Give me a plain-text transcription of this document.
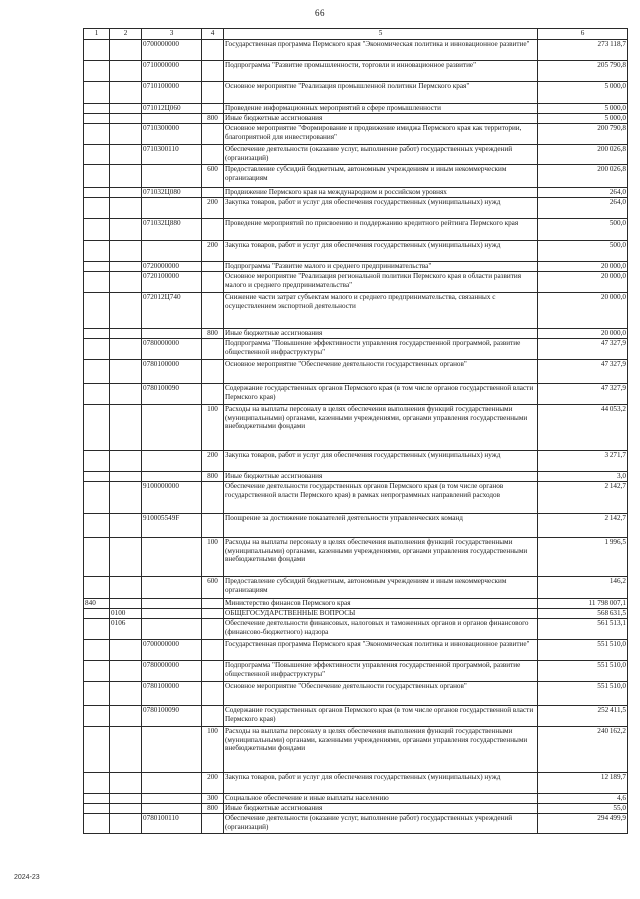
66
1	2	3	4	5	6
		0700000000		Государственная программа Пермского края "Экономическая политика и инновационное развитие"	273 118,7
		0710000000		Подпрограмма "Развитие промышленности, торговли и инновационное развитие"	205 790,8
		0710100000		Основное мероприятие "Реализация промышленной политики Пермского края"	5 000,0
		071012Ц060		Проведение информационных мероприятий в сфере промышленности	5 000,0
			800	Иные бюджетные ассигнования	5 000,0
		0710300000		Основное мероприятие "Формирование и продвижение имиджа Пермского края как территории, благоприятной для инвестирования"	200 790,8
		0710300110		Обеспечение деятельности (оказание услуг, выполнение работ) государственных учреждений (организаций)	200 026,8
			600	Предоставление субсидий бюджетным, автономным учреждениям и иным некоммерческим организациям	200 026,8
		071032Ц080		Продвижение Пермского края на международном и российском уровнях	264,0
			200	Закупка товаров, работ и услуг для обеспечения государственных (муниципальных) нужд	264,0
		071032Ц880		Проведение мероприятий по присвоению и поддержанию кредитного рейтинга Пермского края	500,0
			200	Закупка товаров, работ и услуг для обеспечения государственных (муниципальных) нужд	500,0
		0720000000		Подпрограмма "Развитие малого и среднего предпринимательства"	20 000,0
		0720100000		Основное мероприятие "Реализация региональной политики Пермского края в области развития малого и среднего предпринимательства"	20 000,0
		072012Ц740		Снижение части затрат субъектам малого и среднего предпринимательства, связанных с осуществлением экспортной деятельности	20 000,0
			800	Иные бюджетные ассигнования	20 000,0
		0780000000		Подпрограмма "Повышение эффективности управления государственной программой, развитие общественной инфраструктуры"	47 327,9
		0780100000		Основное мероприятие "Обеспечение деятельности государственных органов"	47 327,9
		0780100090		Содержание государственных органов Пермского края (в том числе органов государственной власти Пермского края)	47 327,9
			100	Расходы на выплаты персоналу в целях обеспечения выполнения функций государственными (муниципальными) органами, казенными учреждениями, органами управления государственными внебюджетными фондами	44 053,2
			200	Закупка товаров, работ и услуг для обеспечения государственных (муниципальных) нужд	3 271,7
			800	Иные бюджетные ассигнования	3,0
		9100000000		Обеспечение деятельности государственных органов Пермского края (в том числе органов государственной власти Пермского края) в рамках непрограммных направлений расходов	2 142,7
		910005549F		Поощрение за достижение показателей деятельности управленческих команд	2 142,7
			100	Расходы на выплаты персоналу в целях обеспечения выполнения функций государственными (муниципальными) органами, казенными учреждениями, органами управления государственными внебюджетными фондами	1 996,5
			600	Предоставление субсидий бюджетным, автономным учреждениям и иным некоммерческим организациям	146,2
840				Министерство финансов Пермского края	11 798 007,1
	0100			ОБЩЕГОСУДАРСТВЕННЫЕ ВОПРОСЫ	568 631,5
	0106			Обеспечение деятельности финансовых, налоговых и таможенных органов и органов финансового (финансово-бюджетного) надзора	561 513,1
		0700000000		Государственная программа Пермского края "Экономическая политика и инновационное развитие"	551 510,0
		0780000000		Подпрограмма "Повышение эффективности управления государственной программой, развитие общественной инфраструктуры"	551 510,0
		0780100000		Основное мероприятие "Обеспечение деятельности государственных органов"	551 510,0
		0780100090		Содержание государственных органов Пермского края (в том числе органов государственной власти Пермского края)	252 411,5
			100	Расходы на выплаты персоналу в целях обеспечения выполнения функций государственными (муниципальными) органами, казенными учреждениями, органами управления государственными внебюджетными фондами	240 162,2
			200	Закупка товаров, работ и услуг для обеспечения государственных (муниципальных) нужд	12 189,7
			300	Социальное обеспечение и иные выплаты населению	4,6
			800	Иные бюджетные ассигнования	55,0
		0780100110		Обеспечение деятельности (оказание услуг, выполнение работ) государственных учреждений (организаций)	294 499,9
2024-23
